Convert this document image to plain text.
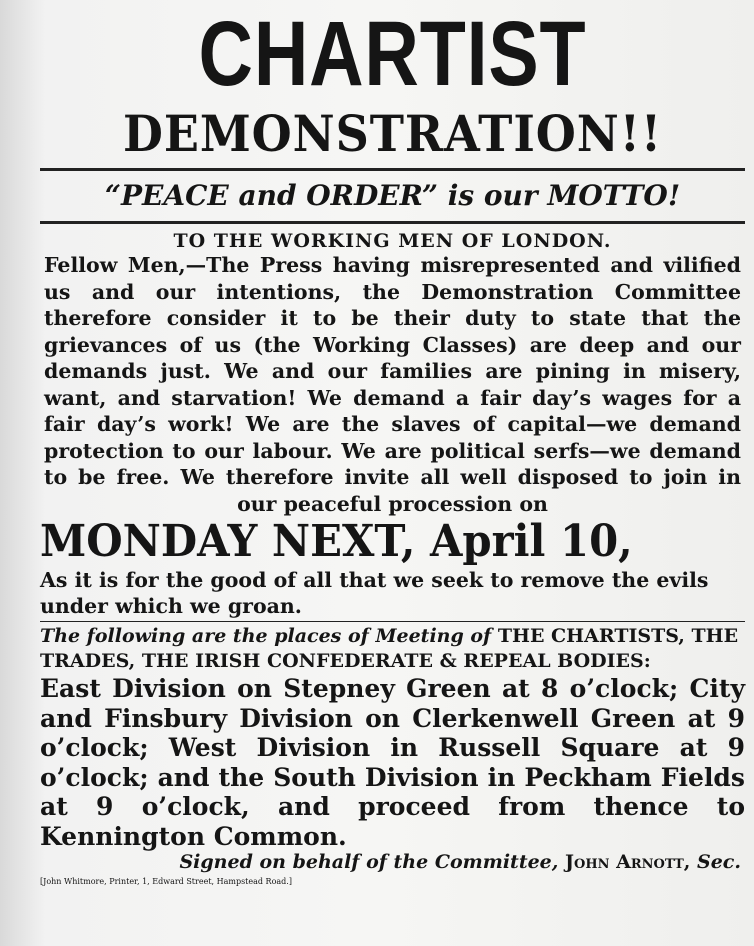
CHARTIST
DEMONSTRATION!!
“PEACE and ORDER” is our MOTTO!
TO THE WORKING MEN OF LONDON.
Fellow Men,—The Press having misrepresented and vilified us and our intentions, the Demonstration Committee therefore consider it to be their duty to state that the grievances of us (the Working Classes) are deep and our demands just. We and our families are pining in misery, want, and starvation! We demand a fair day’s wages for a fair day’s work! We are the slaves of capital—we demand protection to our labour. We are political serfs—we demand to be free. We therefore invite all well disposed to join in our peaceful procession on
MONDAY NEXT, April 10,
As it is for the good of all that we seek to remove the evils under which we groan.
The following are the places of Meeting of THE CHARTISTS, THE TRADES, THE IRISH CONFEDERATE & REPEAL BODIES:
East Division on Stepney Green at 8 o’clock; City and Finsbury Division on Clerkenwell Green at 9 o’clock; West Division in Russell Square at 9 o’clock; and the South Division in Peckham Fields at 9 o’clock, and proceed from thence to Kennington Common.
Signed on behalf of the Committee, John Arnott, Sec.
[John Whitmore, Printer, 1, Edward Street, Hampstead Road.]
